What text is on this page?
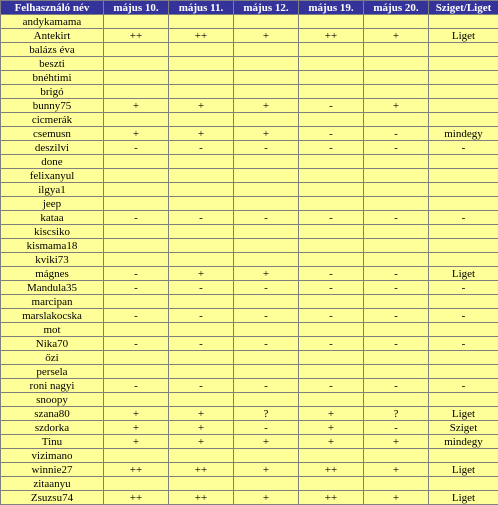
Felhasználó név	május 10.	május 11.	május 12.	május 19.	május 20.	Sziget/Liget
andykamama						
Antekirt	++	++	+	++	+	Liget
balázs éva						
beszti						
bnéhtimi						
brigó						
bunny75	+	+	+	-	+	
cicmerák						
csemusn	+	+	+	-	-	mindegy
deszilvi	-	-	-	-	-	-
done						
felixanyul						
ilgya1						
jeep						
kataa	-	-	-	-	-	-
kiscsiko						
kismama18						
kviki73						
mágnes	-	+	+	-	-	Liget
Mandula35	-	-	-	-	-	-
marcipan						
marslakocska	-	-	-	-	-	-
mot						
Nika70	-	-	-	-	-	-
őzi						
persela						
roni nagyi	-	-	-	-	-	-
snoopy						
szana80	+	+	?	+	?	Liget
szdorka	+	+	-	+	-	Sziget
Tinu	+	+	+	+	+	mindegy
vizimano						
winnie27	++	++	+	++	+	Liget
zitaanyu						
Zsuzsu74	++	++	+	++	+	Liget
